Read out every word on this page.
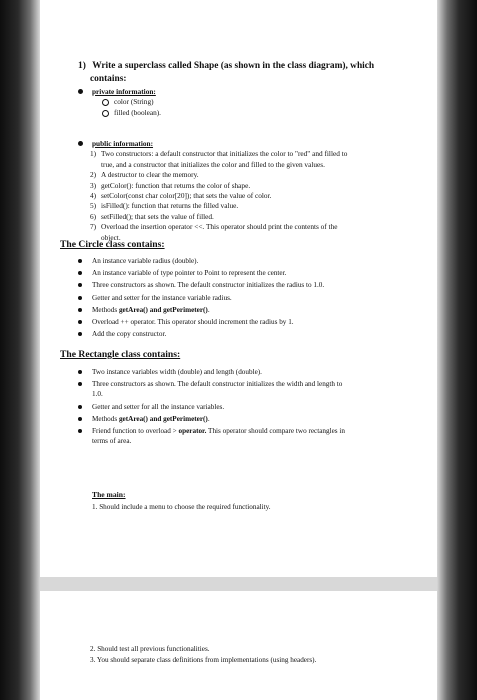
1) Write a superclass called Shape (as shown in the class diagram), which
contains:
private information:
color (String)
filled (boolean).
public information:
1) Two constructors: a default constructor that initializes the color to "red" and filled to
true, and a constructor that initializes the color and filled to the given values.
2) A destructor to clear the memory.
3) getColor(): function that returns the color of shape.
4) setColor(const char color[20]); that sets the value of color.
5) isFilled(): function that returns the filled value.
6) setFilled(); that sets the value of filled.
7) Overload the insertion operator <<. This operator should print the contents of the
object.
The Circle class contains:
An instance variable radius (double).
An instance variable of type pointer to Point to represent the center.
Three constructors as shown. The default constructor initializes the radius to 1.0.
Getter and setter for the instance variable radius.
Methods getArea() and getPerimeter().
Overload ++ operator. This operator should increment the radius by 1.
Add the copy constructor.
The Rectangle class contains:
Two instance variables width (double) and length (double).
Three constructors as shown. The default constructor initializes the width and length to
1.0.
Getter and setter for all the instance variables.
Methods getArea() and getPerimeter().
Friend function to overload > operator. This operator should compare two rectangles in
terms of area.
The main:
1. Should include a menu to choose the required functionality.
2. Should test all previous functionalities.
3. You should separate class definitions from implementations (using headers).
